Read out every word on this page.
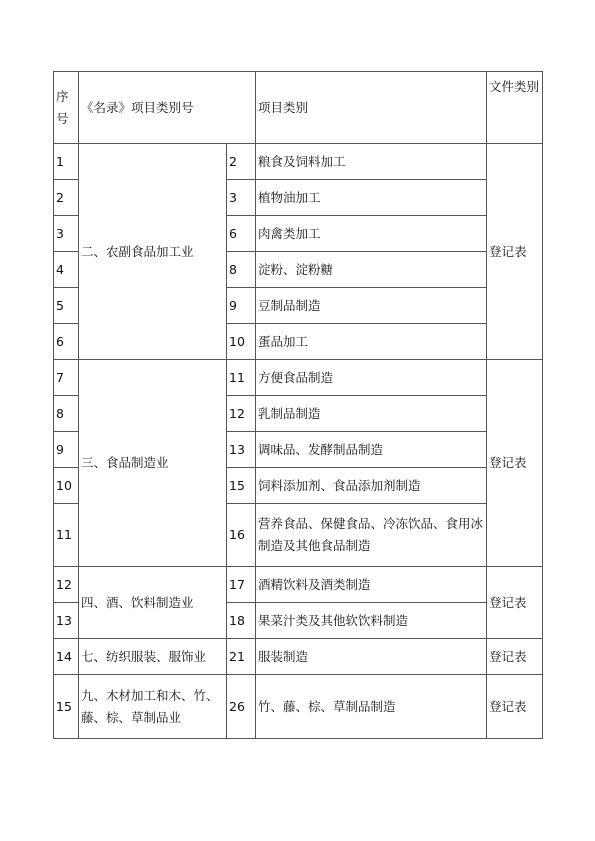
序号	《名录》项目类别号		项目类别	文件类别
1	二、农副食品加工业	2	粮食及饲料加工	登记表
2		3	植物油加工	
3		6	肉禽类加工	
4		8	淀粉、淀粉糖	
5		9	豆制品制造	
6		10	蛋品加工	
7	三、食品制造业	11	方便食品制造	登记表
8		12	乳制品制造	
9		13	调味品、发酵制品制造	
10		15	饲料添加剂、食品添加剂制造	
11		16	营养食品、保健食品、冷冻饮品、食用冰制造及其他食品制造	
12	四、酒、饮料制造业	17	酒精饮料及酒类制造	登记表
13		18	果菜汁类及其他软饮料制造	
14	七、纺织服装、服饰业	21	服装制造	登记表
15	九、木材加工和木、竹、藤、棕、草制品业	26	竹、藤、棕、草制品制造	登记表
